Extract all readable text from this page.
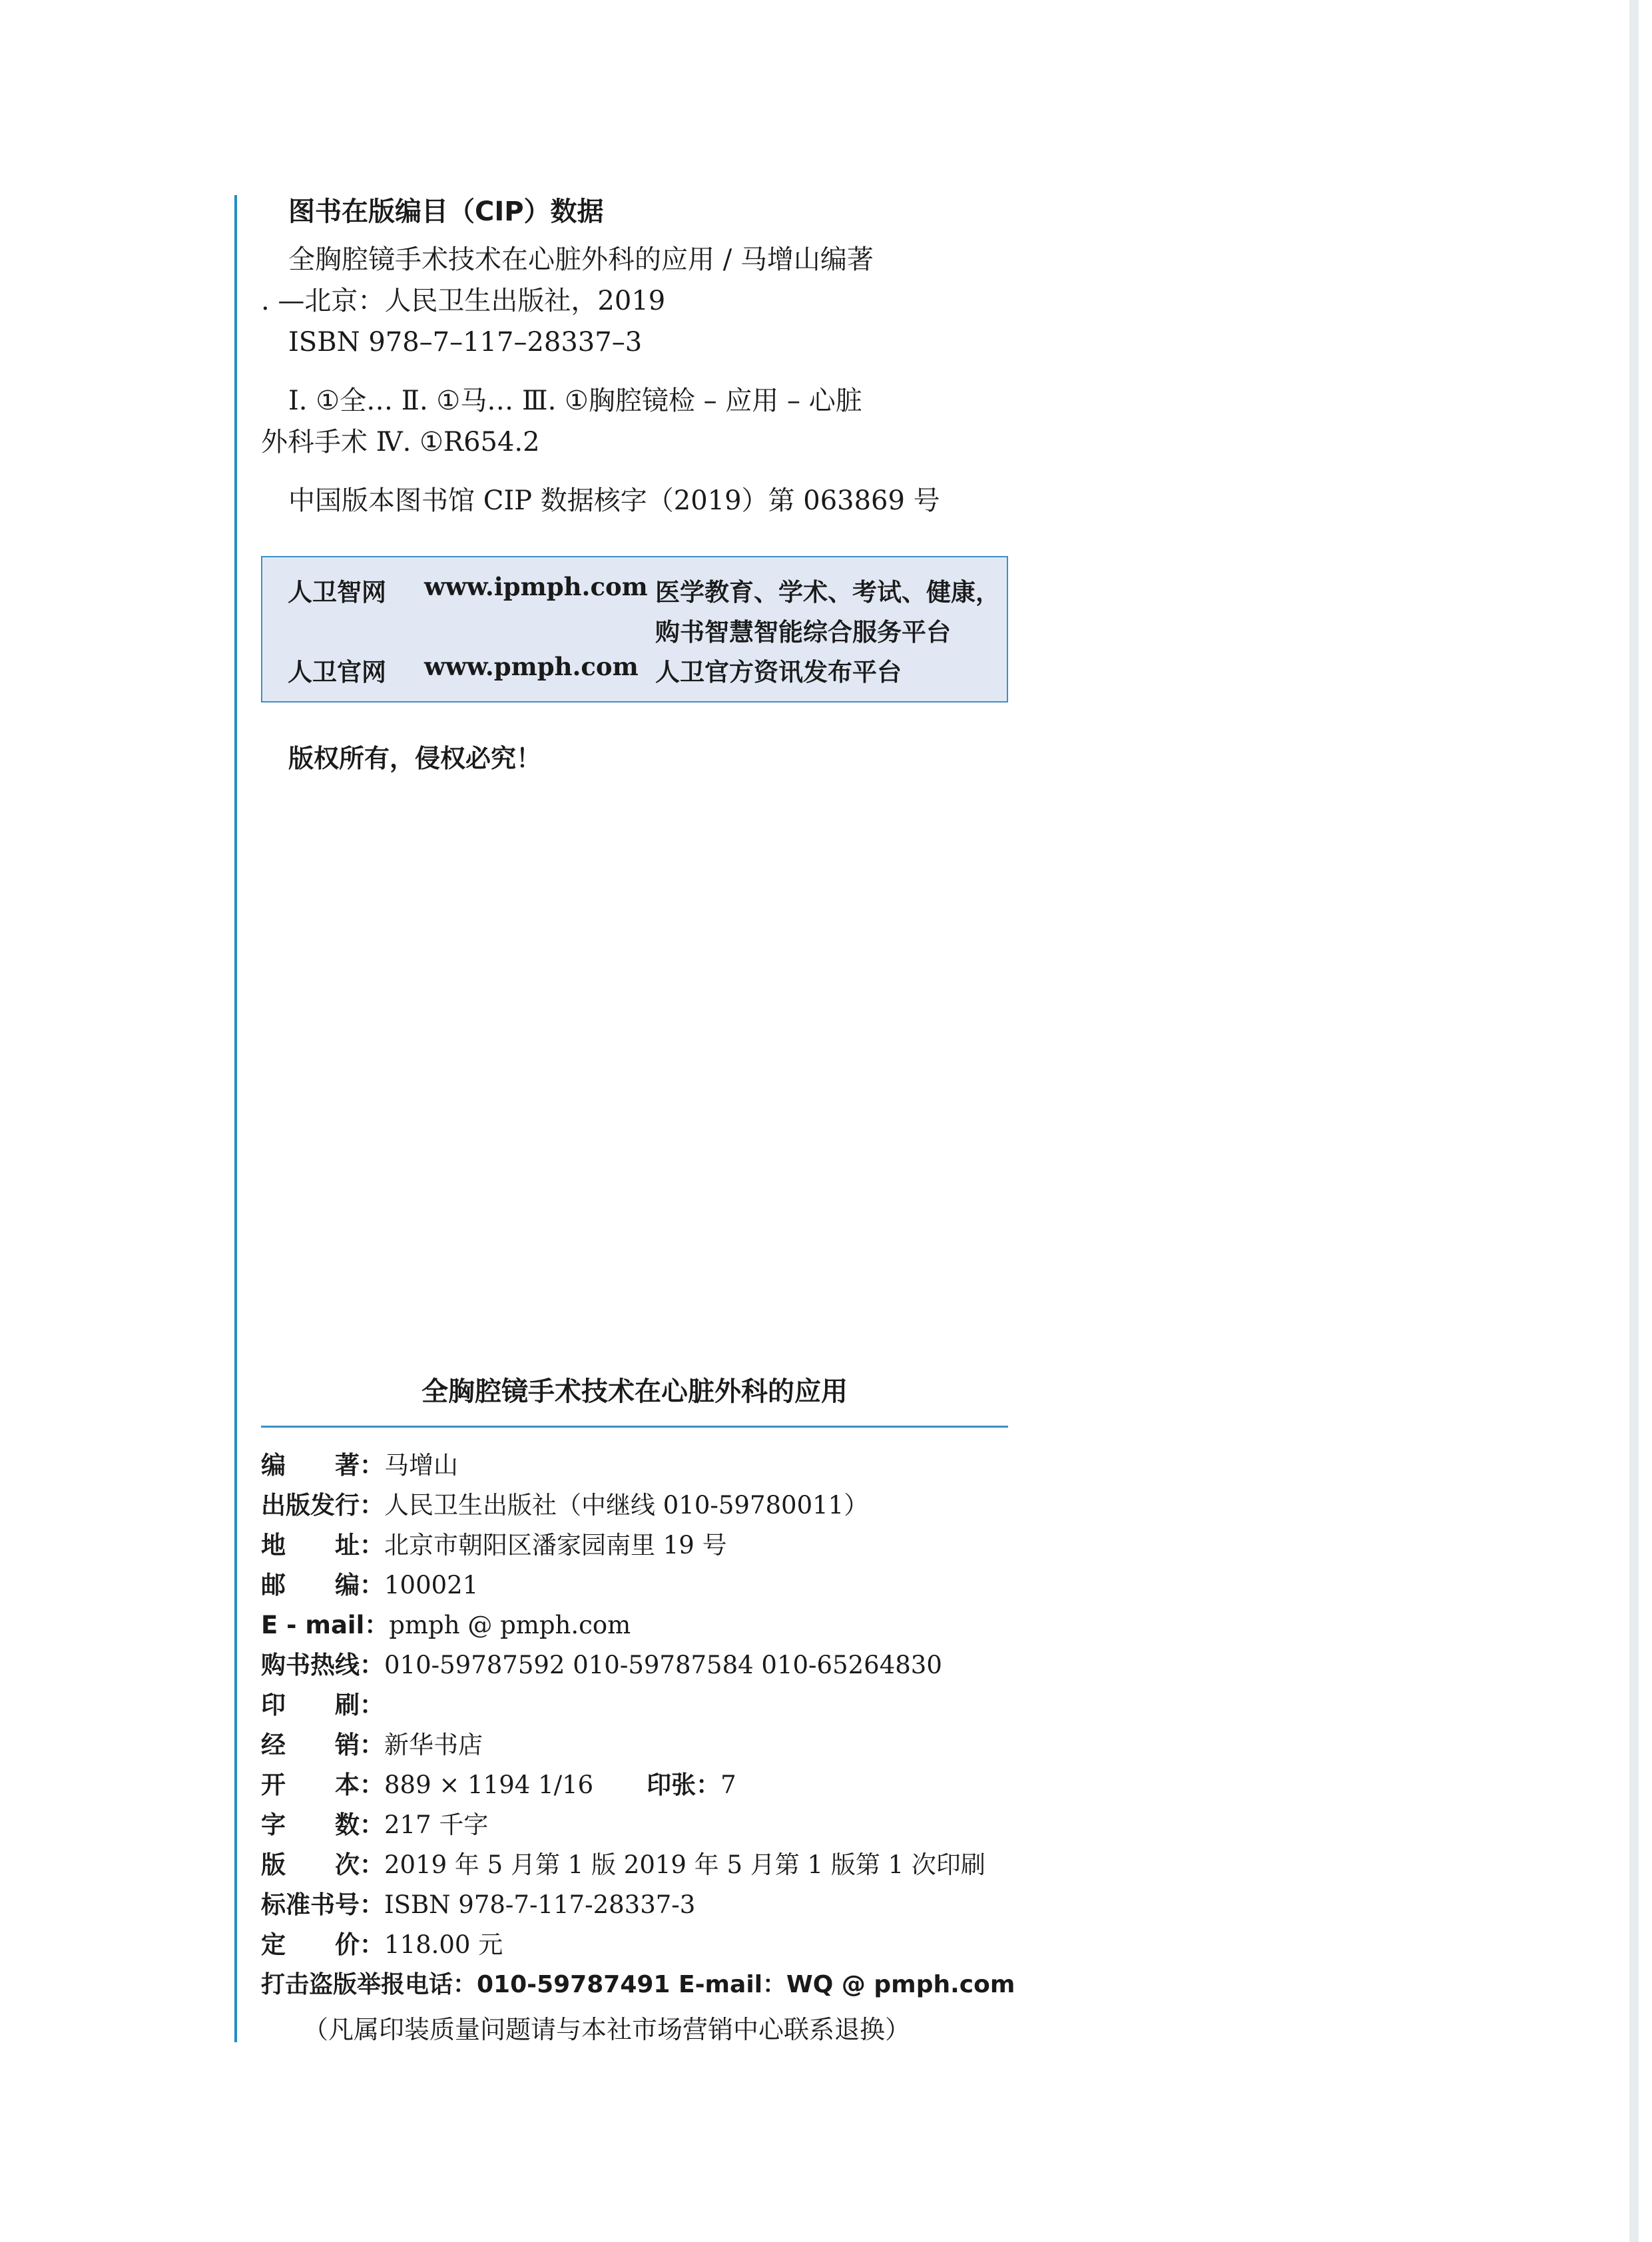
图书在版编目（CIP）数据
全胸腔镜手术技术在心脏外科的应用 / 马增山编著
. —北京：人民卫生出版社，2019
ISBN 978–7–117–28337–3
Ⅰ. ①全… Ⅱ. ①马… Ⅲ. ①胸腔镜检 – 应用 – 心脏
外科手术 Ⅳ. ①R654.2
中国版本图书馆 CIP 数据核字（2019）第 063869 号
人卫智网 www.ipmph.com 医学教育、学术、考试、健康，
购书智慧智能综合服务平台
人卫官网 www.pmph.com 人卫官方资讯发布平台
版权所有，侵权必究！
全胸腔镜手术技术在心脏外科的应用
编　　著：马增山
出版发行：人民卫生出版社（中继线 010-59780011）
地　　址：北京市朝阳区潘家园南里 19 号
邮　　编：100021
E - mail：pmph @ pmph.com
购书热线：010-59787592 010-59787584 010-65264830
印　　刷：
经　　销：新华书店
开　　本：889 × 1194 1/16 印张：7
字　　数：217 千字
版　　次：2019 年 5 月第 1 版 2019 年 5 月第 1 版第 1 次印刷
标准书号：ISBN 978-7-117-28337-3
定　　价：118.00 元
打击盗版举报电话：010-59787491 E-mail：WQ @ pmph.com
（凡属印装质量问题请与本社市场营销中心联系退换）
